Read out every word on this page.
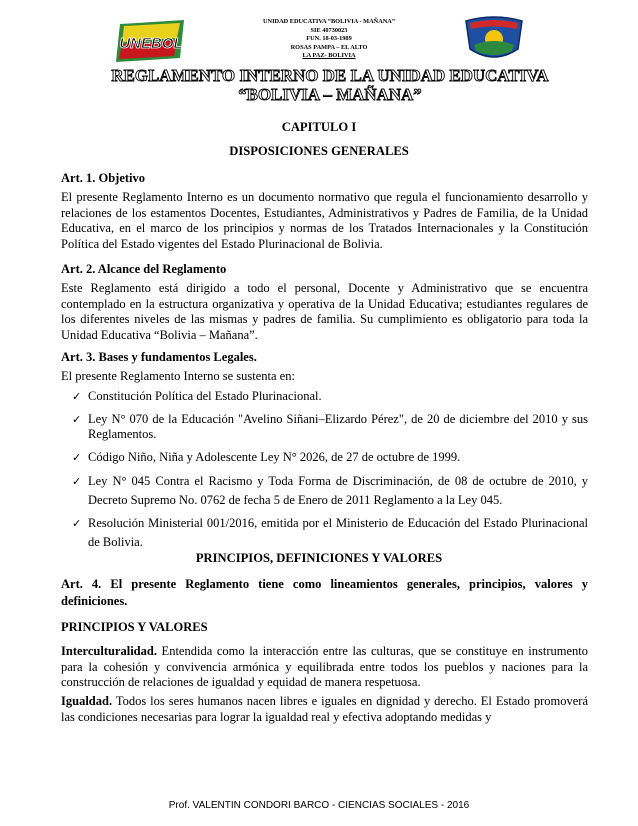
UNEBOL
UNIDAD EDUCATIVA “BOLIVIA - MAÑANA”
SIE 40730023
FUN. 18-03-1989
ROSAS PAMPA – EL ALTO
LA PAZ- BOLIVIA
REGLAMENTO INTERNO DE LA UNIDAD EDUCATIVA
“BOLIVIA – MAÑANA”
CAPITULO I
DISPOSICIONES GENERALES
Art. 1. Objetivo
El presente Reglamento Interno es un documento normativo que regula el funcionamiento desarrollo y relaciones de los estamentos Docentes, Estudiantes, Administrativos y Padres de Familia, de la Unidad Educativa, en el marco de los principios y normas de los Tratados Internacionales y la Constitución Política del Estado vigentes del Estado Plurinacional de Bolivia.
Art. 2. Alcance del Reglamento
Este Reglamento está dirigido a todo el personal, Docente y Administrativo que se encuentra contemplado en la estructura organizativa y operativa de la Unidad Educativa; estudiantes regulares de los diferentes niveles de las mismas y padres de familia. Su cumplimiento es obligatorio para toda la Unidad Educativa “Bolivia – Mañana”.
Art. 3. Bases y fundamentos Legales.
El presente Reglamento Interno se sustenta en:
✓ Constitución Política del Estado Plurinacional.
✓ Ley N° 070 de la Educación "Avelino Siñani–Elizardo Pérez", de 20 de diciembre del 2010 y sus Reglamentos.
✓ Código Niño, Niña y Adolescente Ley N° 2026, de 27 de octubre de 1999.
✓ Ley N° 045 Contra el Racismo y Toda Forma de Discriminación, de 08 de octubre de 2010, y Decreto Supremo No. 0762 de fecha 5 de Enero de 2011 Reglamento a la Ley 045.
✓ Resolución Ministerial 001/2016, emitida por el Ministerio de Educación del Estado Plurinacional de Bolivia.
PRINCIPIOS, DEFINICIONES Y VALORES
Art. 4. El presente Reglamento tiene como lineamientos generales, principios, valores y definiciones.
PRINCIPIOS Y VALORES
Interculturalidad. Entendida como la interacción entre las culturas, que se constituye en instrumento para la cohesión y convivencia armónica y equilibrada entre todos los pueblos y naciones para la construcción de relaciones de igualdad y equidad de manera respetuosa.
Igualdad. Todos los seres humanos nacen libres e iguales en dignidad y derecho. El Estado promoverá las condiciones necesarias para lograr la igualdad real y efectiva adoptando medidas y
Prof. VALENTIN CONDORI BARCO - CIENCIAS SOCIALES - 2016
